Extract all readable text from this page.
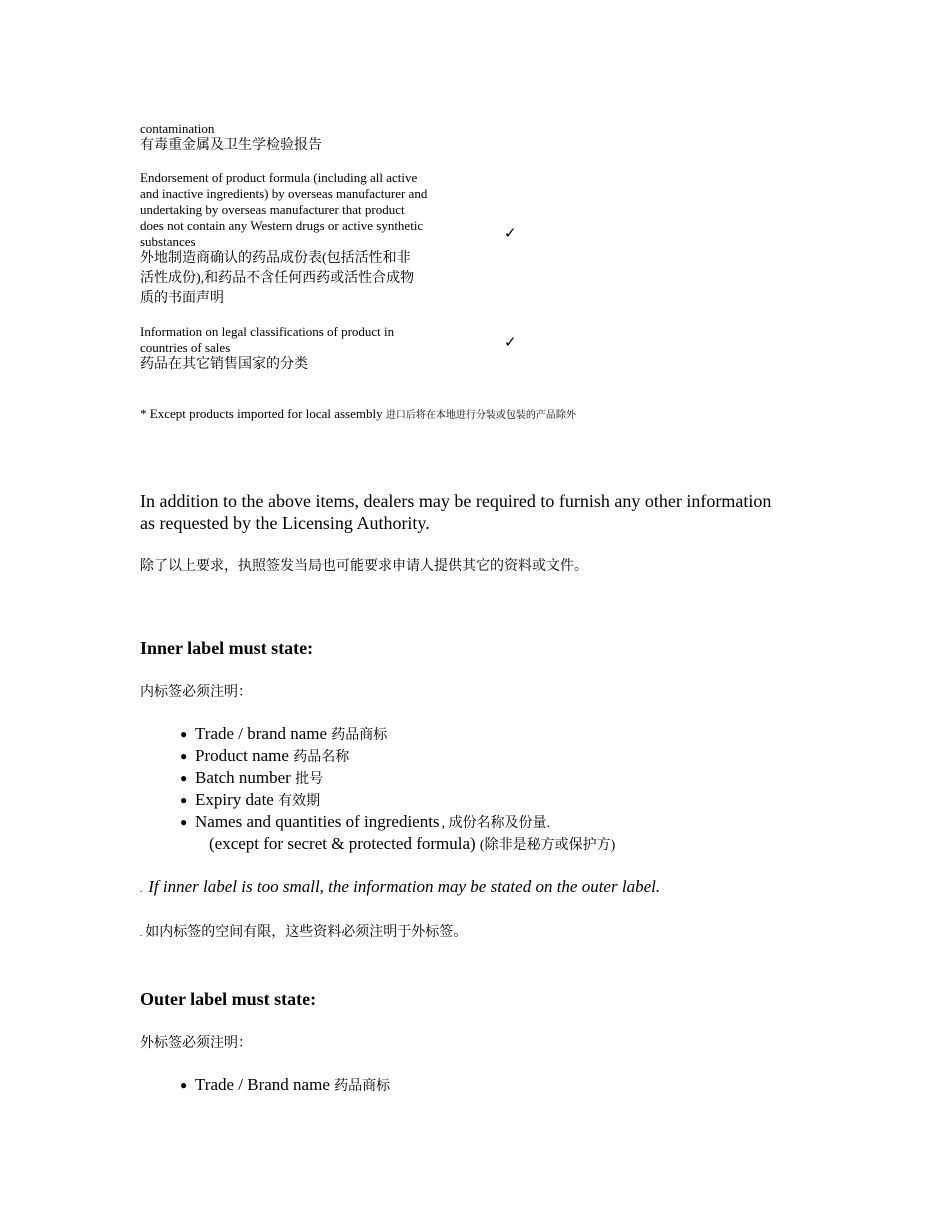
contamination
有毒重金属及卫生学检验报告
Endorsement of product formula (including all active
and inactive ingredients) by overseas manufacturer and
undertaking by overseas manufacturer that product
does not contain any Western drugs or active synthetic
substances
外地制造商确认的药品成份表(包括活性和非
活性成份),和药品不含任何西药或活性合成物
质的书面声明
✓
Information on legal classifications of product in
countries of sales
药品在其它销售国家的分类
✓
* Except products imported for local assembly 进口后将在本地进行分装或包装的产品除外
In addition to the above items, dealers may be required to furnish any other information
as requested by the Licensing Authority.
除了以上要求，执照签发当局也可能要求申请人提供其它的资料或文件。
Inner label must state:
内标签必须注明：
● Trade / brand name 药品商标
● Product name 药品名称
● Batch number 批号
● Expiry date 有效期
● Names and quantities of ingredients , 成份名称及份量.
(except for secret & protected formula) (除非是秘方或保护方)
. If inner label is too small, the information may be stated on the outer label.
. 如内标签的空间有限，这些资料必须注明于外标签。
Outer label must state:
外标签必须注明：
● Trade / Brand name 药品商标
